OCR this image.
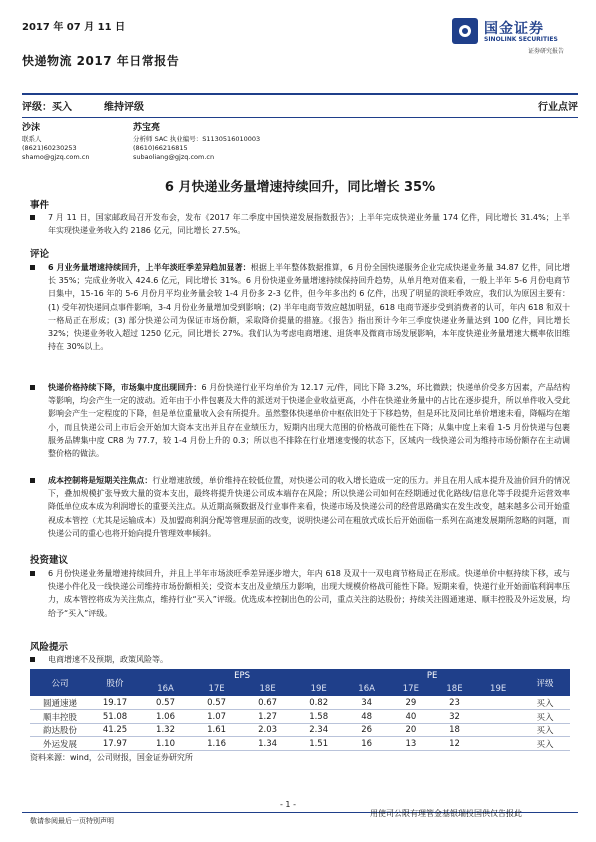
2017 年 07 月 11 日
快递物流 2017 年日常报告
国金证券
SINOLINK SECURITIES
证券研究报告
评级：买入	维持评级	行业点评
沙沫
联系人
(8621)60230253
shamo@gjzq.com.cn
苏宝亮
分析师 SAC 执业编号：S1130516010003
(8610)66216815
subaoliang@gjzq.com.cn
6 月快递业务量增速持续回升，同比增长 35%
事件
7 月 11 日，国家邮政局召开发布会，发布《2017 年二季度中国快递发展指数报告》；上半年完成快递业务量 174 亿件，同比增长 31.4%；上半年实现快递业务收入约 2186 亿元，同比增长 27.5%。
评论
6 月业务量增速持续回升，上半年淡旺季差异趋加显著：根据上半年整体数据推算，6 月份全国快递服务企业完成快递业务量 34.87 亿件，同比增长 35%；完成业务收入 424.6 亿元，同比增长 31%。6 月份快递业务量增速持续保持回升趋势，从单月绝对值来看，一般上半年 5-6 月份电商节日集中，15-16 年的 5-6 月份月平均业务量会较 1-4 月份多 2-3 亿件，但今年多出约 6 亿件，出现了明显的淡旺季效应，我们认为原因主要有：(1) 受年初快递同点事件影响，3-4 月份业务量增加受到影响；(2) 半年电商节效应越加明显，618 电商节逐步受到消费者的认可，年内 618 和双十一格局正在形成；(3) 部分快递公司为保证市场份额，采取降价提量的措施。《报告》指出预计今年三季度快递业务量达到 100 亿件，同比增长 32%；快递业务收入超过 1250 亿元，同比增长 27%。我们认为考虑电商增速、退货率及微商市场发展影响，本年度快递业务量增速大概率依旧维持在 30%以上。
快递价格持续下降，市场集中度出现回升：6 月份快递行业平均单价为 12.17 元/件，同比下降 3.2%，环比微跌；快递单价受多方因素，产品结构等影响，均会产生一定的波动。近年由于小件包裹及大件的派送对于快递企业收益更高，小件在快递业务量中的占比在逐步提升，所以单件收入受此影响会产生一定程度的下降，但是单位重量收入会有所提升。虽然整体快递单价中枢依旧处于下移趋势，但是环比及同比单价增速未看，降幅均在缩小，而且快递公司上市后会开始加大资本支出并且存在业绩压力，短期内出现大范围的价格战可能性在下降；从集中度上来看 1-5 月份快递与包裹服务品牌集中度 CR8 为 77.7，较 1-4 月份上升的 0.3；所以也不排除在行业增速变慢的状态下，区域内一线快递公司为维持市场份额存在主动调整价格的做法。
成本控制将是短期关注焦点：行业增速放缓，单价维持在较低位置，对快递公司的收入增长造成一定的压力。并且在用人成本提升及油价回升的情况下，叠加规模扩张导致大量的资本支出，最终将提升快递公司成本端存在风险；所以快递公司如何在经期通过优化路线/信息化等手段提升运营效率降低单位成本成为利润增长的重要关注点。从近期高频数据及行业事件来看，快递市场及快递公司的经营思路确实在发生改变，越来越多公司开始重视成本管控（尤其是运输成本）及加盟商利润分配等管理层面的改变，说明快递公司在粗放式成长后开始面临一系列在高速发展期所忽略的问题，而快递公司的重心也将开始向提升管理效率倾斜。
投资建议
6 月份快递业务量增速持续回升，并且上半年市场淡旺季差异逐步增大，年内 618 及双十一双电商节格局正在形成。快递单价中枢持续下移，或与快递小件化及一线快递公司维持市场份额相关；受资本支出及业绩压力影响，出现大规模价格战可能性下降。短期来看，快递行业开始面临利润率压力，成本管控将成为关注焦点，维持行业“买入”评级。优选成本控制出色的公司，重点关注韵达股份；持续关注圆通速递、顺丰控股及外运发展，均给予“买入”评级。
风险提示
电商增速不及预期，政策风险等。
公司	股价	EPS				PE				评级
		16A	17E	18E	19E	16A	17E	18E	19E	
圆通速递	19.17	0.57	0.57	0.67	0.82	34	29	23		买入
顺丰控股	51.08	1.06	1.07	1.27	1.58	48	40	32		买入
韵达股份	41.25	1.32	1.61	2.03	2.34	26	20	18		买入
外运发展	17.97	1.10	1.16	1.34	1.51	16	13	12		买入
资料来源：wind，公司财报，国金证券研究所
- 1 -
敬请参阅最后一页特别声明
用使司公限有理管金基银瑞投国供仅告报此
